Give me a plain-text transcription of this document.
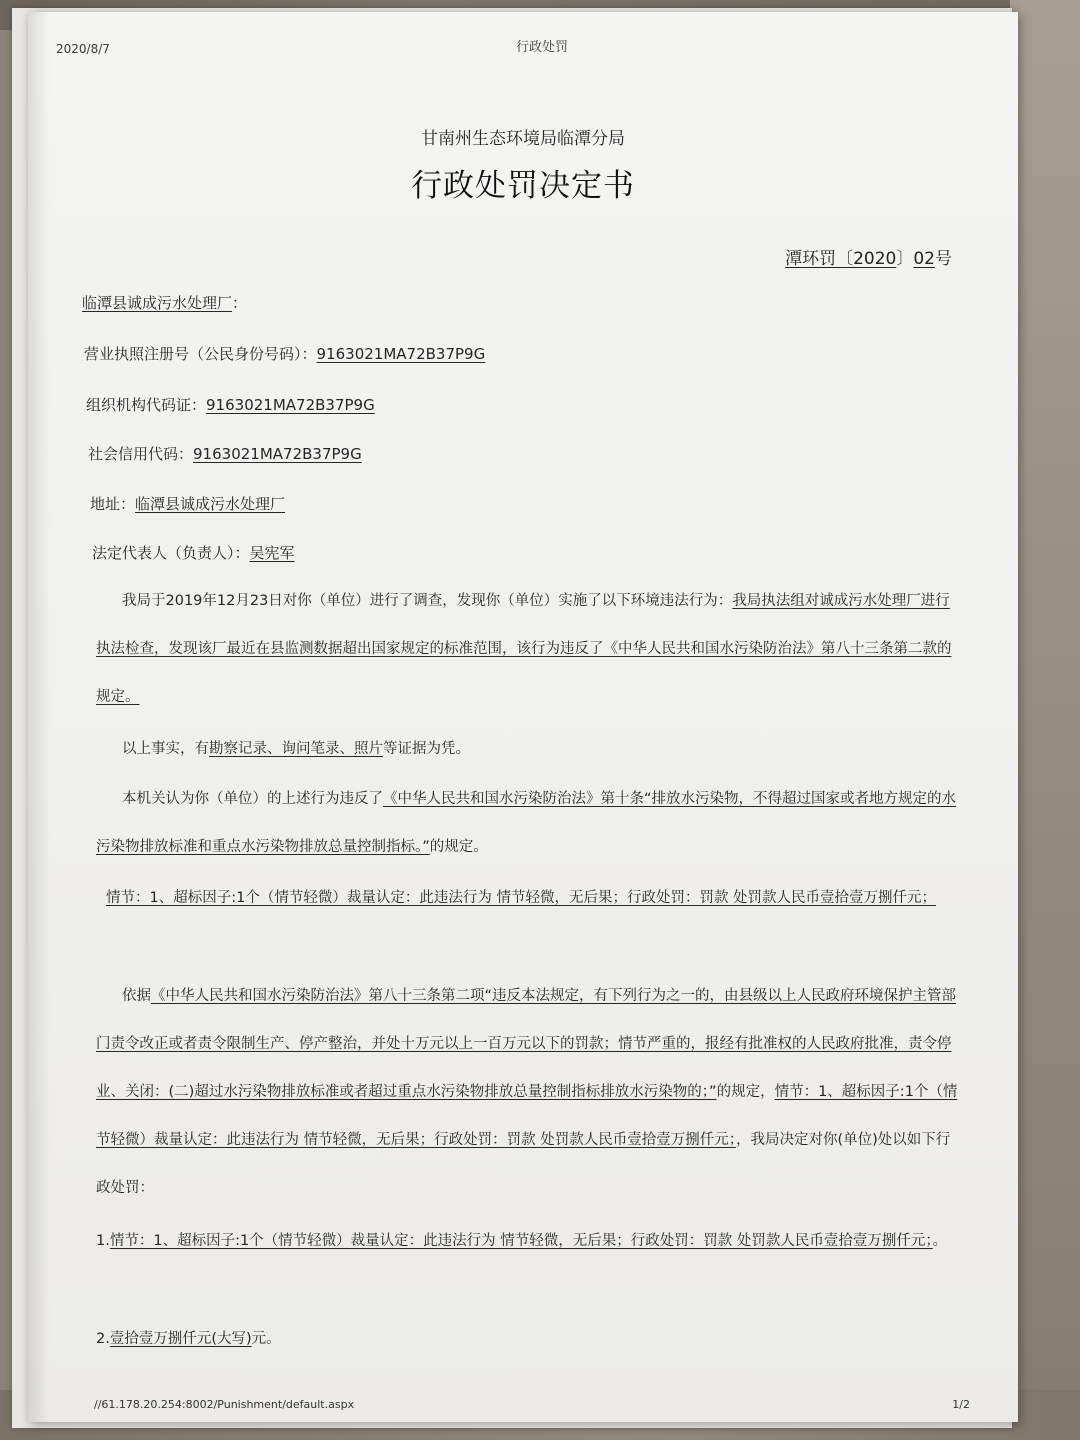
2020/8/7	行政处罚
甘南州生态环境局临潭分局
行政处罚决定书
潭环罚〔2020〕02号
临潭县诚成污水处理厂：
营业执照注册号（公民身份号码）：9163021MA72B37P9G
组织机构代码证：9163021MA72B37P9G
社会信用代码：9163021MA72B37P9G
地址：临潭县诚成污水处理厂
法定代表人（负责人）：吴宪军
我局于2019年12月23日对你（单位）进行了调查，发现你（单位）实施了以下环境违法行为：我局执法组对诚成污水处理厂进行执法检查，发现该厂最近在县监测数据超出国家规定的标准范围，该行为违反了《中华人民共和国水污染防治法》第八十三条第二款的规定。
以上事实，有勘察记录、询问笔录、照片等证据为凭。
本机关认为你（单位）的上述行为违反了《中华人民共和国水污染防治法》第十条“排放水污染物，不得超过国家或者地方规定的水污染物排放标准和重点水污染物排放总量控制指标。”的规定。
情节：1、超标因子:1个（情节轻微）裁量认定：此违法行为 情节轻微，无后果；行政处罚：罚款 处罚款人民币壹拾壹万捌仟元；
依据《中华人民共和国水污染防治法》第八十三条第二项“违反本法规定，有下列行为之一的，由县级以上人民政府环境保护主管部门责令改正或者责令限制生产、停产整治，并处十万元以上一百万元以下的罚款；情节严重的，报经有批准权的人民政府批准，责令停业、关闭：(二)超过水污染物排放标准或者超过重点水污染物排放总量控制指标排放水污染物的；”的规定，情节：1、超标因子:1个（情节轻微）裁量认定：此违法行为 情节轻微，无后果；行政处罚：罚款 处罚款人民币壹拾壹万捌仟元；，我局决定对你(单位)处以如下行政处罚：
1.情节：1、超标因子:1个（情节轻微）裁量认定：此违法行为 情节轻微，无后果；行政处罚：罚款 处罚款人民币壹拾壹万捌仟元；。
2.壹拾壹万捌仟元(大写)元。
//61.178.20.254:8002/Punishment/default.aspx	1/2
